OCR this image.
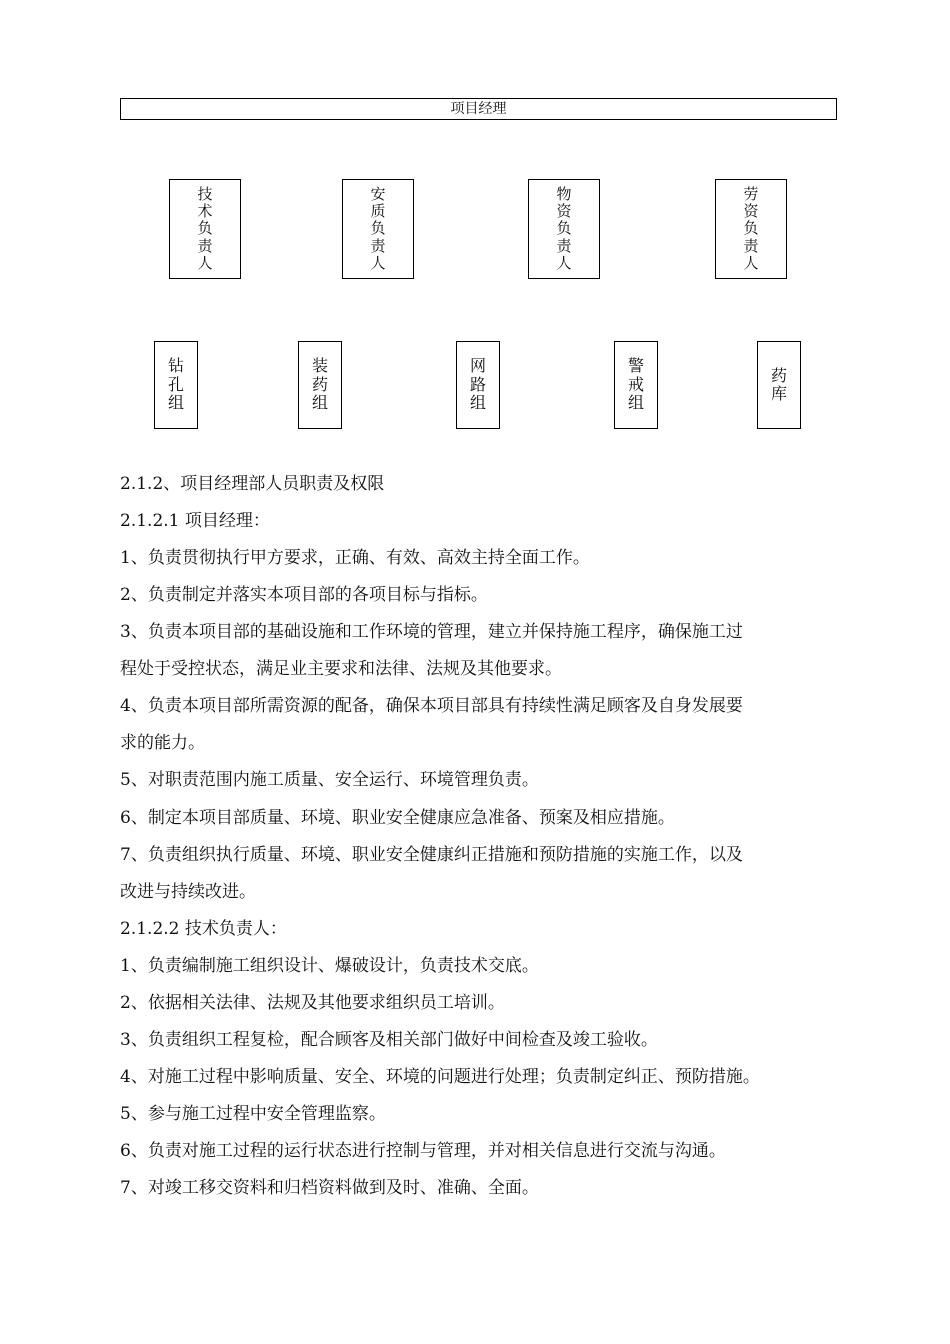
项目经理
技
术
负
责
人
安
质
负
责
人
物
资
负
责
人
劳
资
负
责
人
钻
孔
组
装
药
组
网
路
组
警
戒
组
药
库

2.1.2、项目经理部人员职责及权限

2.1.2.1 项目经理：

1、负责贯彻执行甲方要求，正确、有效、高效主持全面工作。

2、负责制定并落实本项目部的各项目标与指标。

3、负责本项目部的基础设施和工作环境的管理，建立并保持施工程序，确保施工过

程处于受控状态，满足业主要求和法律、法规及其他要求。

4、负责本项目部所需资源的配备，确保本项目部具有持续性满足顾客及自身发展要

求的能力。

5、对职责范围内施工质量、安全运行、环境管理负责。

6、制定本项目部质量、环境、职业安全健康应急准备、预案及相应措施。

7、负责组织执行质量、环境、职业安全健康纠正措施和预防措施的实施工作，以及

改进与持续改进。

2.1.2.2 技术负责人：

1、负责编制施工组织设计、爆破设计，负责技术交底。

2、依据相关法律、法规及其他要求组织员工培训。

3、负责组织工程复检，配合顾客及相关部门做好中间检查及竣工验收。

4、对施工过程中影响质量、安全、环境的问题进行处理；负责制定纠正、预防措施。

5、参与施工过程中安全管理监察。

6、负责对施工过程的运行状态进行控制与管理，并对相关信息进行交流与沟通。

7、对竣工移交资料和归档资料做到及时、准确、全面。
